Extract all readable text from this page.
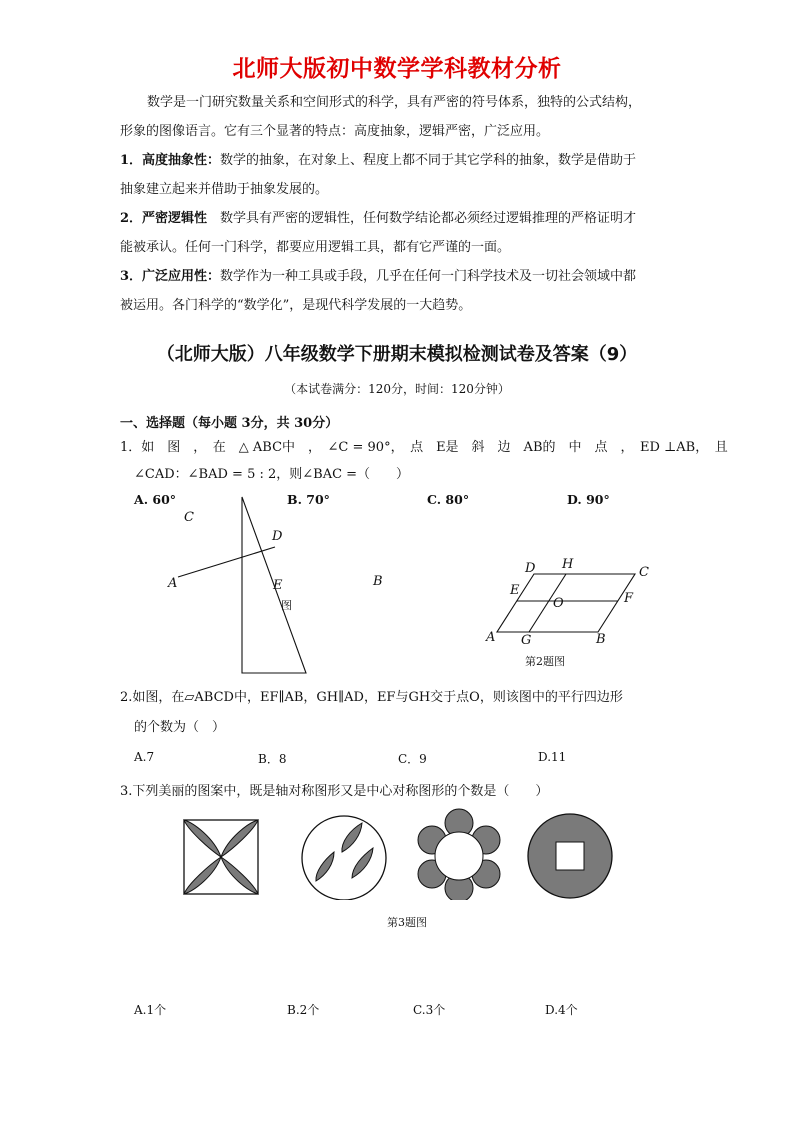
北师大版初中数学学科教材分析
数学是一门研究数量关系和空间形式的科学，具有严密的符号体系，独特的公式结构，
形象的图像语言。它有三个显著的特点：高度抽象，逻辑严密，广泛应用。
1．高度抽象性：数学的抽象，在对象上、程度上都不同于其它学科的抽象，数学是借助于
抽象建立起来并借助于抽象发展的。
2．严密逻辑性　数学具有严密的逻辑性，任何数学结论都必须经过逻辑推理的严格证明才
能被承认。任何一门科学，都要应用逻辑工具，都有它严谨的一面。
3．广泛应用性：数学作为一种工具或手段，几乎在任何一门科学技术及一切社会领域中都
被运用。各门科学的“数学化”，是现代科学发展的一大趋势。
（北师大版）八年级数学下册期末模拟检测试卷及答案（9）
（本试卷满分：120分，时间：120分钟）
一、选择题（每小题 3分，共 30分）
1．如　图　，　在　△ ABC中　，　∠C = 90°，　点　E是　斜　边　AB的　中　点　，　ED ⊥AB，　且
∠CAD：∠BAD = 5 : 2，则∠BAC =（　　）
A. 60°	B. 70°	C. 80°	D. 90°
C
D
A	E
图
B
D H
C
E
O	F
A G	B
第2题图
2.如图，在▱ABCD中，EF∥AB，GH∥AD，EF与GH交于点O，则该图中的平行四边形
的个数为（　）
A.7	B．8	C．9	D.11
3.下列美丽的图案中，既是轴对称图形又是中心对称图形的个数是（　　）
第3题图
A.1个	B.2个	C.3个	D.4个
